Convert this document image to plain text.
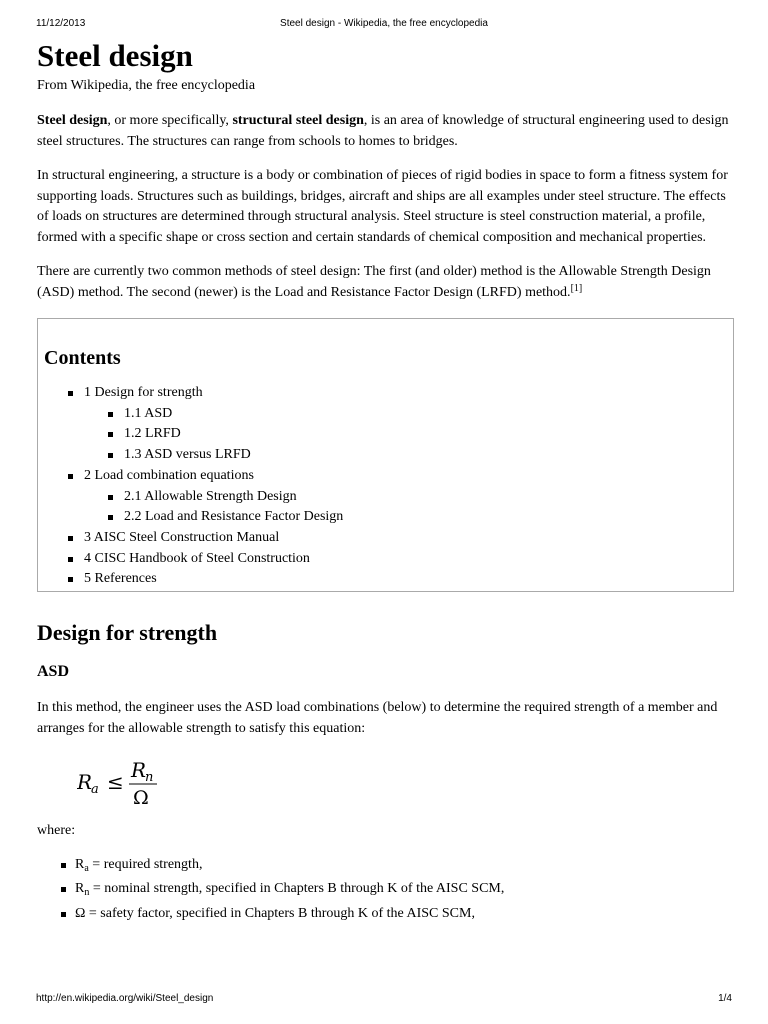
11/12/2013	Steel design - Wikipedia, the free encyclopedia
Steel design
From Wikipedia, the free encyclopedia

Steel design, or more specifically, structural steel design, is an area of knowledge of structural engineering used to design steel structures. The structures can range from schools to homes to bridges.

In structural engineering, a structure is a body or combination of pieces of rigid bodies in space to form a fitness system for supporting loads. Structures such as buildings, bridges, aircraft and ships are all examples under steel structure. The effects of loads on structures are determined through structural analysis. Steel structure is steel construction material, a profile, formed with a specific shape or cross section and certain standards of chemical composition and mechanical properties.

There are currently two common methods of steel design: The first (and older) method is the Allowable Strength Design (ASD) method. The second (newer) is the Load and Resistance Factor Design (LRFD) method.[1]

Contents
1 Design for strength
1.1 ASD
1.2 LRFD
1.3 ASD versus LRFD
2 Load combination equations
2.1 Allowable Strength Design
2.2 Load and Resistance Factor Design
3 AISC Steel Construction Manual
4 CISC Handbook of Steel Construction
5 References
Design for strength
ASD

In this method, the engineer uses the ASD load combinations (below) to determine the required strength of a member and arranges for the allowable strength to satisfy this equation:

R
a ≤ R
n
Ω

where:

$R_a$ = required strength,
$R_n$ = nominal strength, specified in Chapters B through K of the AISC SCM,
Ω = safety factor, specified in Chapters B through K of the AISC SCM,
http://en.wikipedia.org/wiki/Steel_design	1/4
